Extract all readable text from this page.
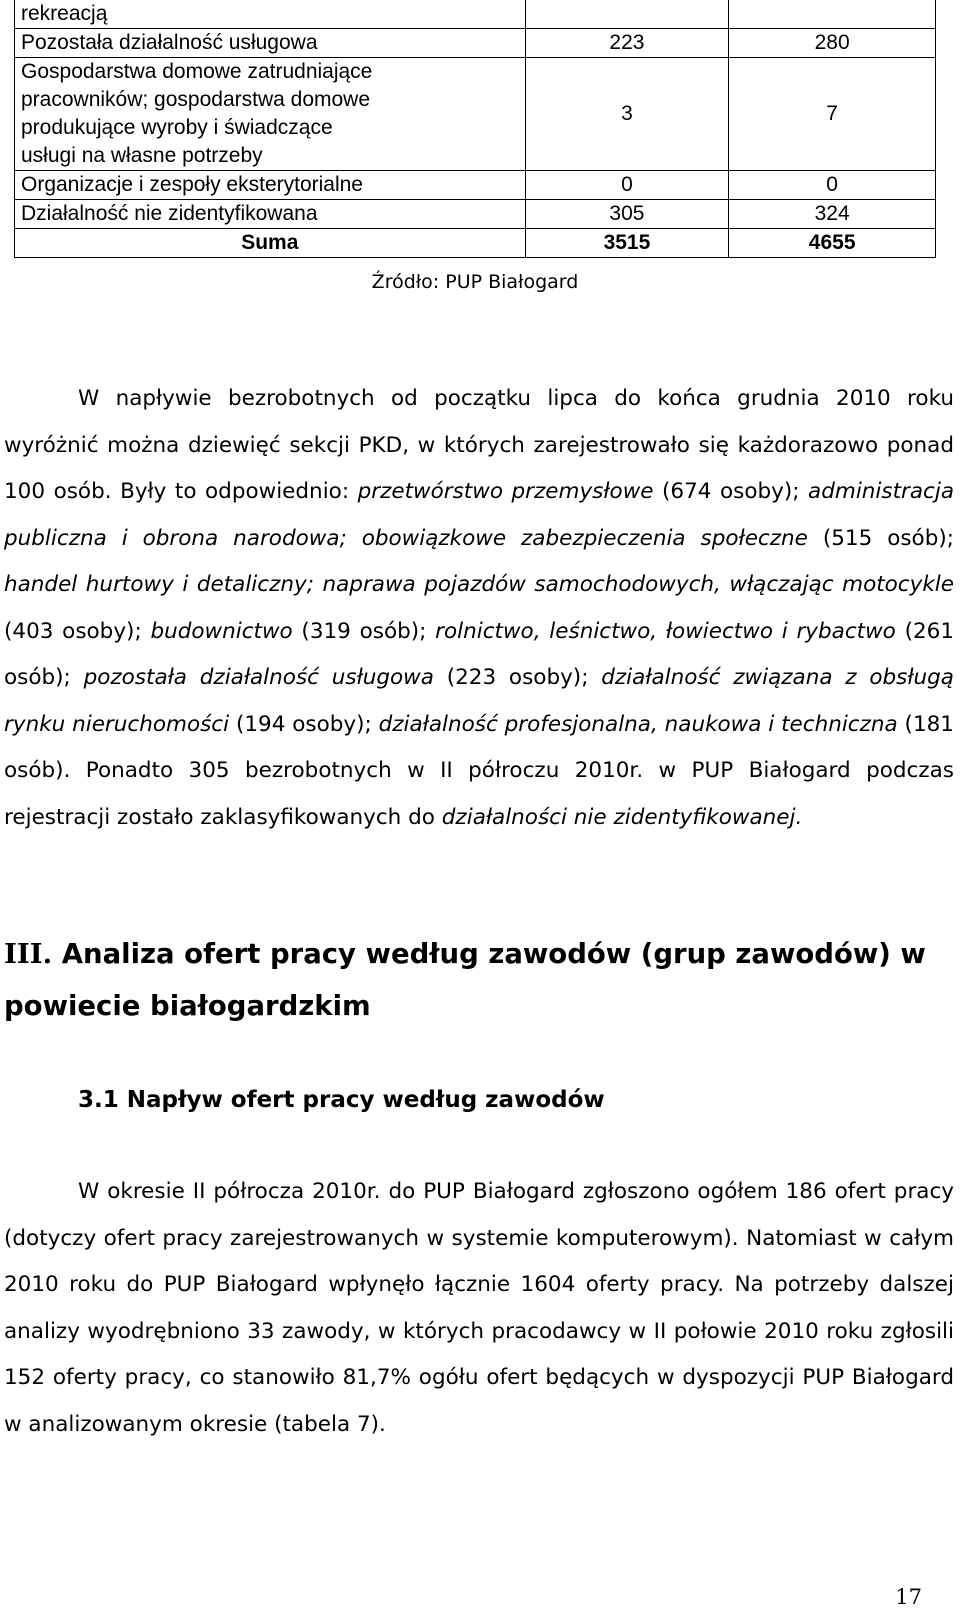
rekreacją		
Pozostała działalność usługowa	223	280
Gospodarstwa domowe zatrudniające pracowników; gospodarstwa domowe produkujące wyroby i świadczące usługi na własne potrzeby	3	7
Organizacje i zespoły eksterytorialne	0	0
Działalność nie zidentyfikowana	305	324
Suma	3515	4655
Źródło: PUP Białogard

W napływie bezrobotnych od początku lipca do końca grudnia 2010 roku wyróżnić można dziewięć sekcji PKD, w których zarejestrowało się każdorazowo ponad 100 osób. Były to odpowiednio: przetwórstwo przemysłowe (674 osoby); administracja publiczna i obrona narodowa; obowiązkowe zabezpieczenia społeczne (515 osób); handel hurtowy i detaliczny; naprawa pojazdów samochodowych, włączając motocykle (403 osoby); budownictwo (319 osób); rolnictwo, leśnictwo, łowiectwo i rybactwo (261 osób); pozostała działalność usługowa (223 osoby); działalność związana z obsługą rynku nieruchomości (194 osoby); działalność profesjonalna, naukowa i techniczna (181 osób). Ponadto 305 bezrobotnych w II półroczu 2010r. w PUP Białogard podczas rejestracji zostało zaklasyfikowanych do działalności nie zidentyfikowanej.

III. Analiza ofert pracy według zawodów (grup zawodów) w powiecie białogardzkim
3.1 Napływ ofert pracy według zawodów

W okresie II półrocza 2010r. do PUP Białogard zgłoszono ogółem 186 ofert pracy (dotyczy ofert pracy zarejestrowanych w systemie komputerowym). Natomiast w całym 2010 roku do PUP Białogard wpłynęło łącznie 1604 oferty pracy. Na potrzeby dalszej analizy wyodrębniono 33 zawody, w których pracodawcy w II połowie 2010 roku zgłosili 152 oferty pracy, co stanowiło 81,7% ogółu ofert będących w dyspozycji PUP Białogard w analizowanym okresie (tabela 7).

17
